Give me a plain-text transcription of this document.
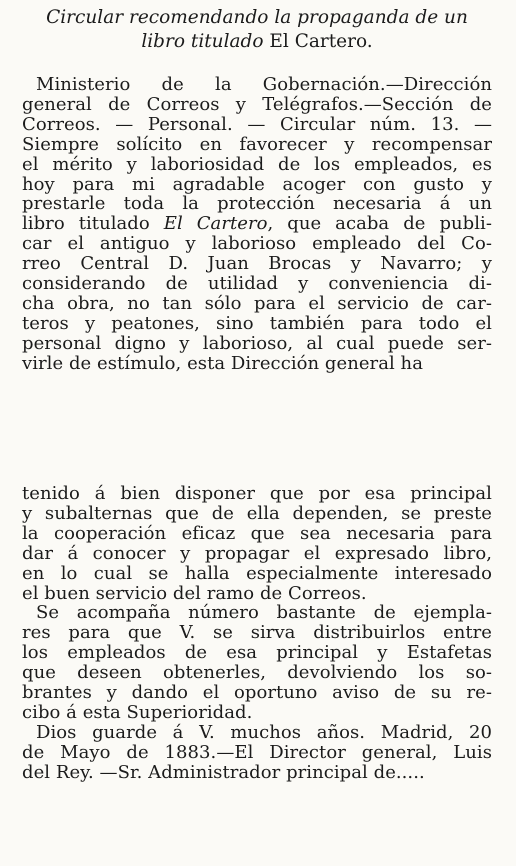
Circular recomendando la propaganda de un
libro titulado El Cartero.
Ministerio de la Gobernación.—Dirección
general de Correos y Telégrafos.—Sección de
Correos. — Personal. — Circular núm. 13. —
Siempre solícito en favorecer y recompensar
el mérito y laboriosidad de los empleados, es
hoy para mi agradable acoger con gusto y
prestarle toda la protección necesaria á un
libro titulado El Cartero, que acaba de publi-
car el antiguo y laborioso empleado del Co-
rreo Central D. Juan Brocas y Navarro; y
considerando de utilidad y conveniencia di-
cha obra, no tan sólo para el servicio de car-
teros y peatones, sino también para todo el
personal digno y laborioso, al cual puede ser-
virle de estímulo, esta Dirección general ha
tenido á bien disponer que por esa principal
y subalternas que de ella dependen, se preste
la cooperación eficaz que sea necesaria para
dar á conocer y propagar el expresado libro,
en lo cual se halla especialmente interesado
el buen servicio del ramo de Correos.
Se acompaña número bastante de ejemplа-
res para que V. se sirva distribuirlos entre
los empleados de esa principal y Estafetas
que deseen obtenerles, devolviendo los so-
brantes y dando el oportuno aviso de su re-
cibo á esta Superioridad.
Dios guarde á V. muchos años. Madrid, 20
de Mayo de 1883.—El Director general, Luis
del Rey. —Sr. Administrador principal de.....
